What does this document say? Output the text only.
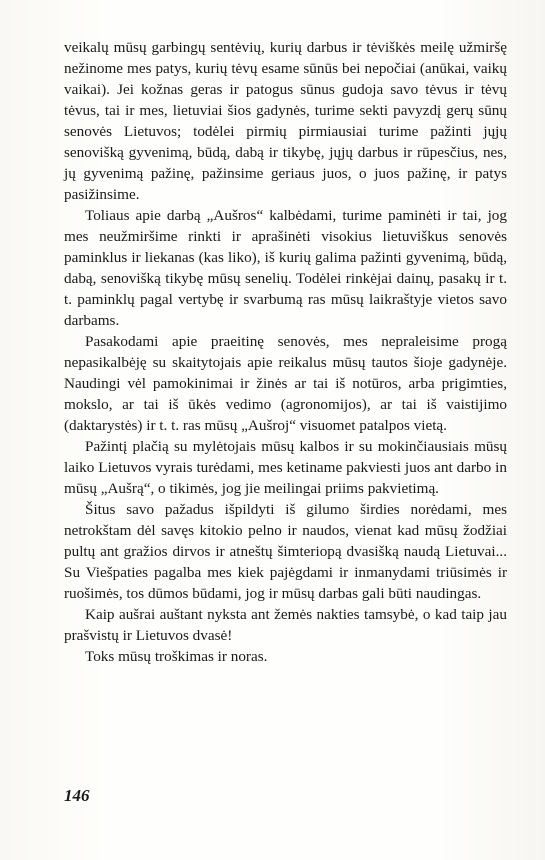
veikalų mūsų garbingų sentėvių, kurių darbus ir tėviškės meilę užmiršę nežinome mes patys, kurių tėvų esame sūnūs bei nepočiai (anūkai, vaikų vaikai). Jei kožnas geras ir patogus sūnus gudoja savo tėvus ir tėvų tėvus, tai ir mes, lietuviai šios gadynės, turime sekti pavyzdį gerų sūnų senovės Lietuvos; todėlei pirmių pirmiausiai turime pažinti jųjų senovišką gyvenimą, būdą, dabą ir tikybę, jųjų darbus ir rūpesčius, nes, jų gyvenimą pažinę, pažinsime geriaus juos, o juos pažinę, ir patys pasižinsime.

Toliaus apie darbą „Aušros“ kalbėdami, turime paminėti ir tai, jog mes neužmiršime rinkti ir aprašinėti visokius lietuviškus senovės paminklus ir liekanas (kas liko), iš kurių galima pažinti gyvenimą, būdą, dabą, senovišką tikybę mūsų senelių. Todėlei rinkėjai dainų, pasakų ir t. t. paminklų pagal vertybę ir svarbumą ras mūsų laikraštyje vietos savo darbams.

Pasakodami apie praeitinę senovės, mes nepraleisime progą nepasikalbėję su skaitytojais apie reikalus mūsų tautos šioje gadynėje. Naudingi vėl pamokinimai ir žinės ar tai iš notūros, arba prigimties, mokslo, ar tai iš ūkės vedimo (agronomijos), ar tai iš vaistijimo (daktarystės) ir t. t. ras mūsų „Aušroj“ visuomet patalpos vietą.

Pažintį plačią su mylėtojais mūsų kalbos ir su mokinčiausiais mūsų laiko Lietuvos vyrais turėdami, mes ketiname pakviesti juos ant darbo in mūsų „Aušrą“, o tikimės, jog jie meilingai priims pakvietimą.

Šitus savo pažadus išpildyti iš gilumo širdies norėdami, mes netrokštam dėl savęs kitokio pelno ir naudos, vienat kad mūsų žodžiai pultų ant gražios dirvos ir atneštų šimteriopą dvasišką naudą Lietuvai... Su Viešpaties pagalba mes kiek pajėgdami ir inmanydami triūsimės ir ruošimės, tos dūmos būdami, jog ir mūsų darbas gali būti naudingas.

Kaip aušrai auštant nyksta ant žemės nakties tamsybė, o kad taip jau prašvistų ir Lietuvos dvasė!

Toks mūsų troškimas ir noras.

146
